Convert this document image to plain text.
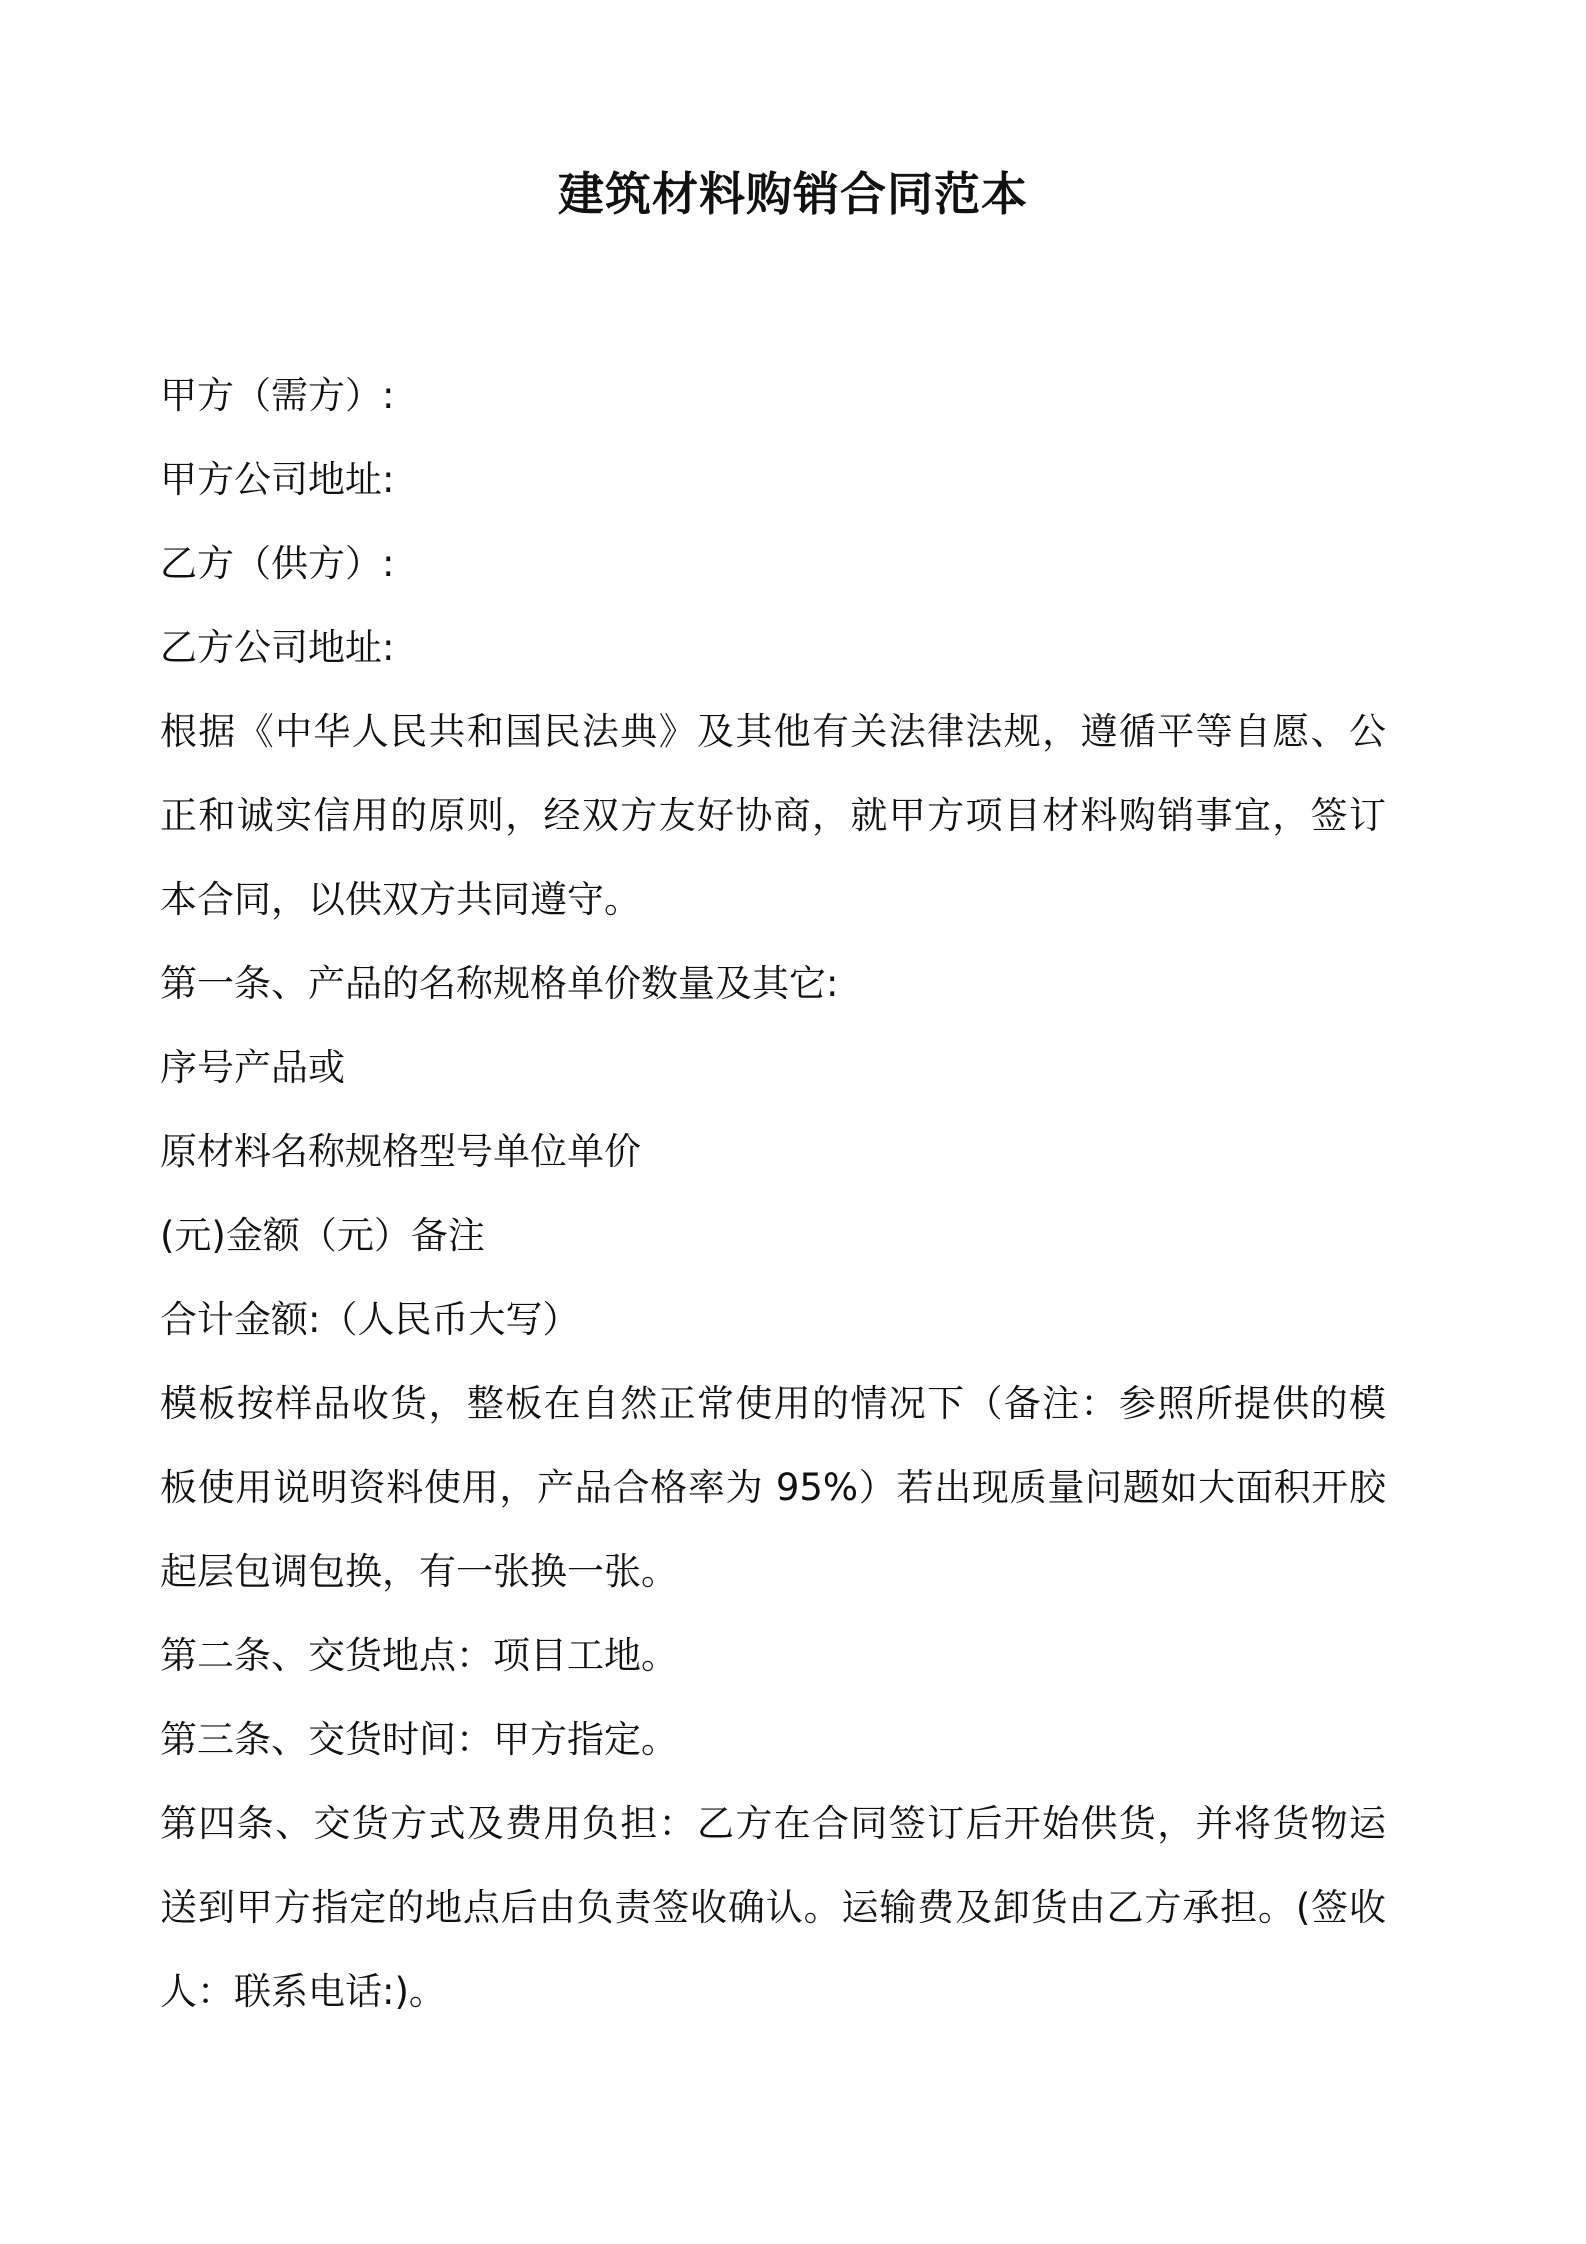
建筑材料购销合同范本

甲方（需方）:

甲方公司地址:

乙方（供方）:

乙方公司地址:

根据《中华人民共和国民法典》及其他有关法律法规，遵循平等自愿、公

正和诚实信用的原则，经双方友好协商，就甲方项目材料购销事宜，签订

本合同，以供双方共同遵守。

第一条、产品的名称规格单价数量及其它:

序号产品或

原材料名称规格型号单位单价

(元)金额（元）备注

合计金额:（人民币大写）

模板按样品收货，整板在自然正常使用的情况下（备注：参照所提供的模

板使用说明资料使用，产品合格率为 95%）若出现质量问题如大面积开胶

起层包调包换，有一张换一张。

第二条、交货地点：项目工地。

第三条、交货时间：甲方指定。

第四条、交货方式及费用负担：乙方在合同签订后开始供货，并将货物运

送到甲方指定的地点后由负责签收确认。运输费及卸货由乙方承担。(签收

人：联系电话:)。
